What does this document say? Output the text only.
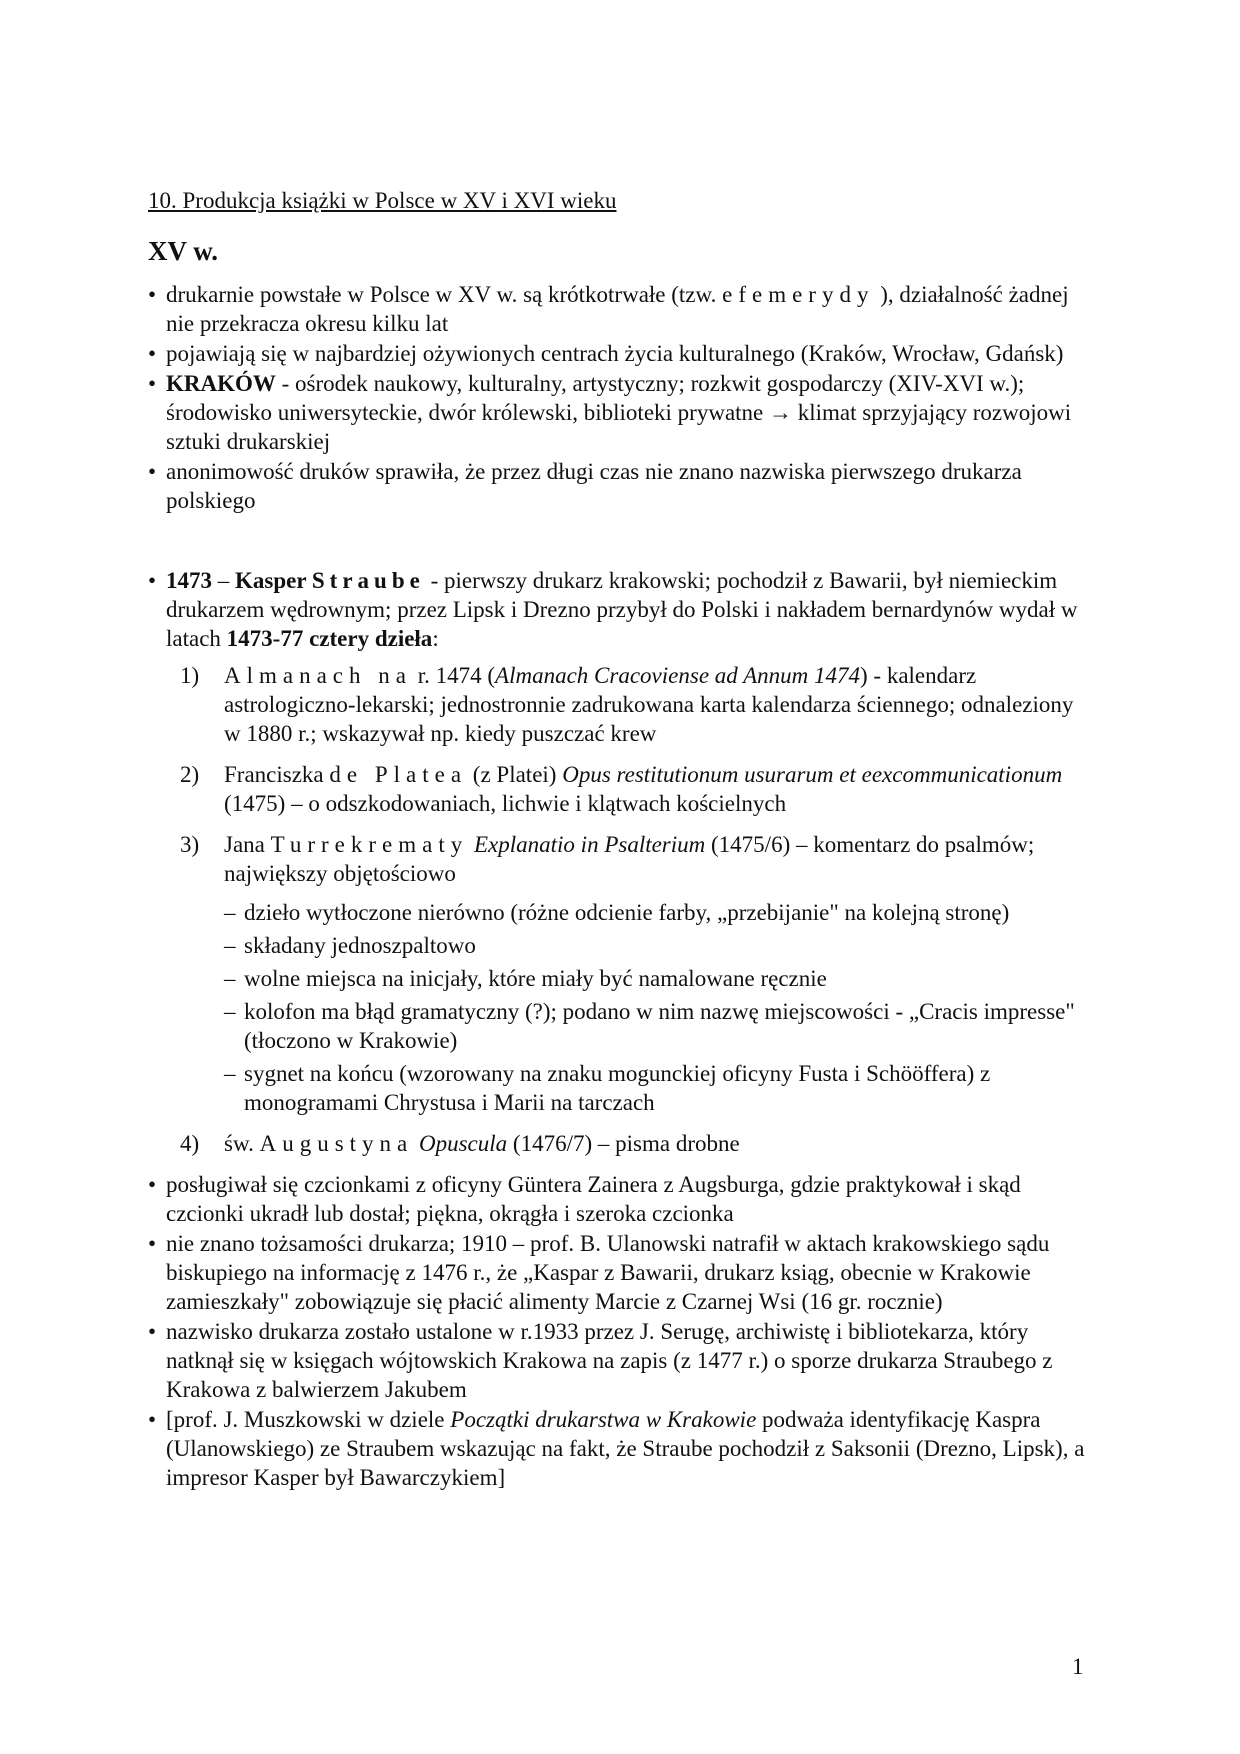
10. Produkcja książki w Polsce w XV i XVI wieku
XV w.
• drukarnie powstałe w Polsce w XV w. są krótkotrwałe (tzw. efemerydy ), działalność żadnej nie przekracza okresu kilku lat
• pojawiają się w najbardziej ożywionych centrach życia kulturalnego (Kraków, Wrocław, Gdańsk)
• KRAKÓW - ośrodek naukowy, kulturalny, artystyczny; rozkwit gospodarczy (XIV-XVI w.); środowisko uniwersyteckie, dwór królewski, biblioteki prywatne → klimat sprzyjający rozwojowi sztuki drukarskiej
• anonimowość druków sprawiła, że przez długi czas nie znano nazwiska pierwszego drukarza polskiego
• 1473 – Kasper Straube - pierwszy drukarz krakowski; pochodził z Bawarii, był niemieckim drukarzem wędrownym; przez Lipsk i Drezno przybył do Polski i nakładem bernardynów wydał w latach 1473-77 cztery dzieła:
1) Almanach na r. 1474 (Almanach Cracoviense ad Annum 1474) - kalendarz astrologiczno-lekarski; jednostronnie zadrukowana karta kalendarza ściennego; odnaleziony w 1880 r.; wskazywał np. kiedy puszczać krew
2) Franciszka de Platea (z Platei) Opus restitutionum usurarum et eexcommunicationum (1475) – o odszkodowaniach, lichwie i klątwach kościelnych
3) Jana Turrekrematy Explanatio in Psalterium (1475/6) – komentarz do psalmów; największy objętościowo
– dzieło wytłoczone nierówno (różne odcienie farby, „przebijanie" na kolejną stronę)
– składany jednoszpaltowo
– wolne miejsca na inicjały, które miały być namalowane ręcznie
– kolofon ma błąd gramatyczny (?); podano w nim nazwę miejscowości - „Cracis impresse" (tłoczono w Krakowie)
– sygnet na końcu (wzorowany na znaku mogunckiej oficyny Fusta i Schööffera) z monogramami Chrystusa i Marii na tarczach
4) św. Augustyna Opuscula (1476/7) – pisma drobne
• posługiwał się czcionkami z oficyny Güntera Zainera z Augsburga, gdzie praktykował i skąd czcionki ukradł lub dostał; piękna, okrągła i szeroka czcionka
• nie znano tożsamości drukarza; 1910 – prof. B. Ulanowski natrafił w aktach krakowskiego sądu biskupiego na informację z 1476 r., że „Kaspar z Bawarii, drukarz ksiąg, obecnie w Krakowie zamieszkały" zobowiązuje się płacić alimenty Marcie z Czarnej Wsi (16 gr. rocznie)
• nazwisko drukarza zostało ustalone w r.1933 przez J. Serugę, archiwistę i bibliotekarza, który natknął się w księgach wójtowskich Krakowa na zapis (z 1477 r.) o sporze drukarza Straubego z Krakowa z balwierzem Jakubem
• [prof. J. Muszkowski w dziele Początki drukarstwa w Krakowie podważa identyfikację Kaspra (Ulanowskiego) ze Straubem wskazując na fakt, że Straube pochodził z Saksonii (Drezno, Lipsk), a impresor Kasper był Bawarczykiem]
1
